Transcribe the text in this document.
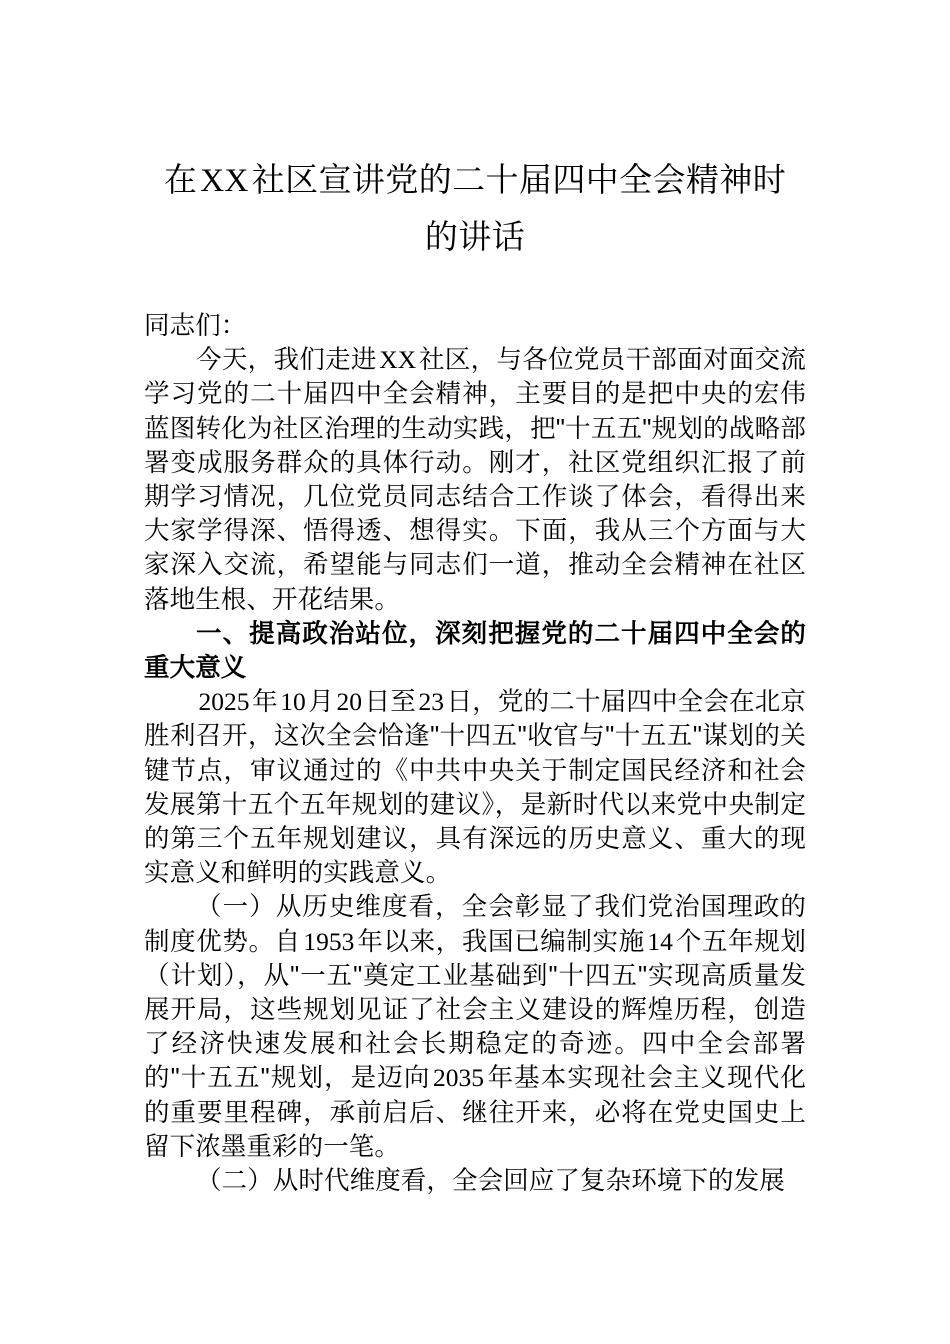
在XX社区宣讲党的二十届四中全会精神时
的讲话

同志们：

今天，我们走进XX社区，与各位党员干部面对面交流学习党的二十届四中全会精神，主要目的是把中央的宏伟蓝图转化为社区治理的生动实践，把"十五五"规划的战略部署变成服务群众的具体行动。刚才，社区党组织汇报了前期学习情况，几位党员同志结合工作谈了体会，看得出来大家学得深、悟得透、想得实。下面，我从三个方面与大家深入交流，希望能与同志们一道，推动全会精神在社区落地生根、开花结果。

一、提高政治站位，深刻把握党的二十届四中全会的重大意义

2025年10月20日至23日，党的二十届四中全会在北京胜利召开，这次全会恰逢"十四五"收官与"十五五"谋划的关键节点，审议通过的《中共中央关于制定国民经济和社会发展第十五个五年规划的建议》，是新时代以来党中央制定的第三个五年规划建议，具有深远的历史意义、重大的现实意义和鲜明的实践意义。

（一）从历史维度看，全会彰显了我们党治国理政的制度优势。自1953年以来，我国已编制实施14个五年规划（计划），从"一五"奠定工业基础到"十四五"实现高质量发展开局，这些规划见证了社会主义建设的辉煌历程，创造了经济快速发展和社会长期稳定的奇迹。四中全会部署的"十五五"规划，是迈向2035年基本实现社会主义现代化的重要里程碑，承前启后、继往开来，必将在党史国史上留下浓墨重彩的一笔。

（二）从时代维度看，全会回应了复杂环境下的发展
